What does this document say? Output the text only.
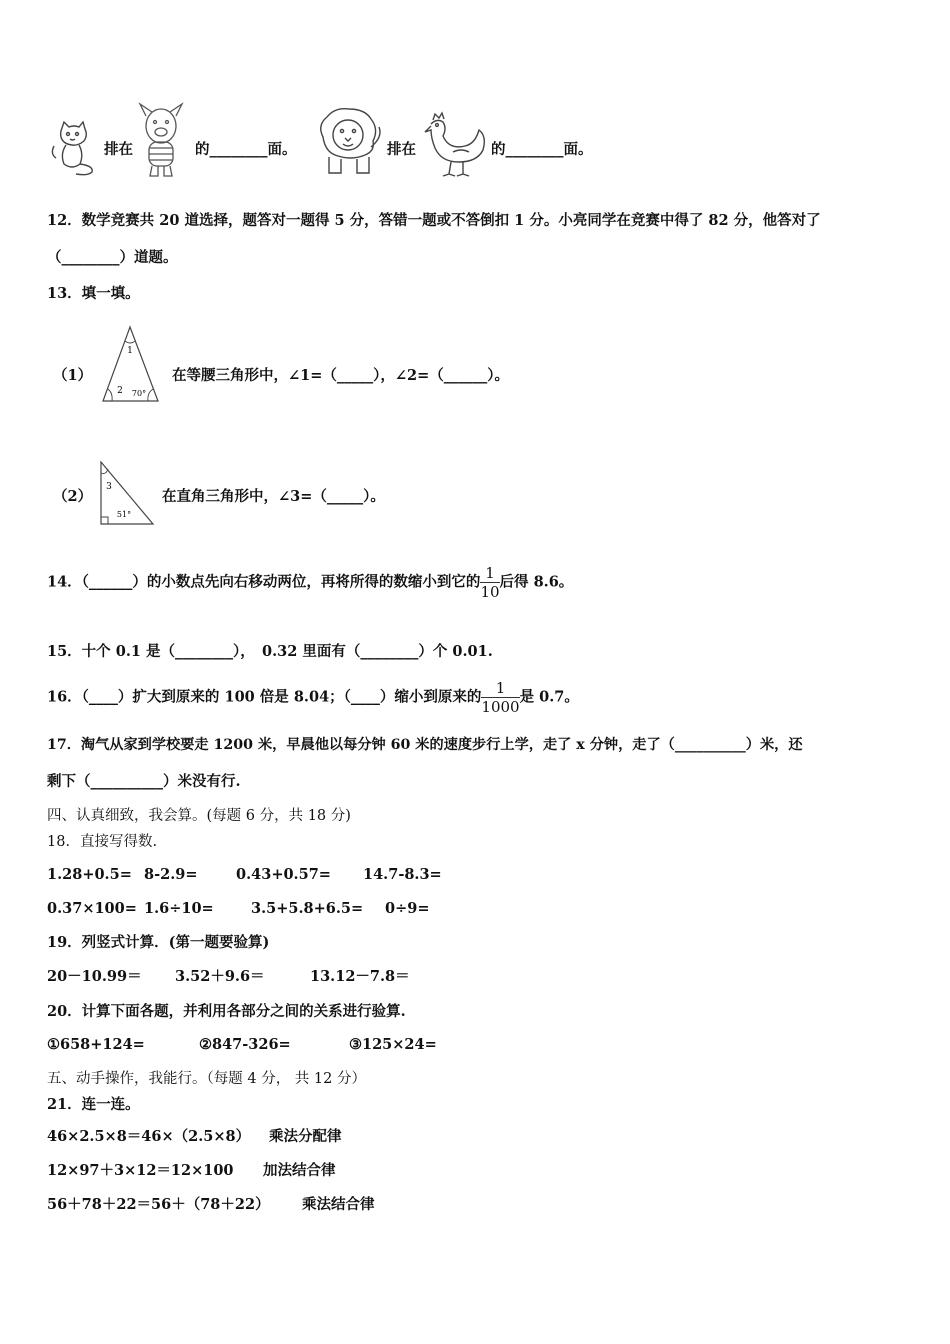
排在	的________面。	排在	的________面。
12．数学竞赛共 20 道选择，题答对一题得 5 分，答错一题或不答倒扣 1 分。小亮同学在竞赛中得了 82 分，他答对了
（________）道题。
13．填一填。
（1）
1
2 70°
在等腰三角形中，∠1=（_____），∠2=（______）。
（2）
3
51°
在直角三角形中，∠3=（_____）。
14．（______）的小数点先向右移动两位，再将所得的数缩小到它的 $\frac{1}{10}$ 后得 8.6。
15．十个 0.1 是（________），　0.32 里面有（________）个 0.01.
16．（____）扩大到原来的 100 倍是 8.04；（____）缩小到原来的 $\frac{1}{1000}$ 是 0.7。
17．淘气从家到学校要走 1200 米，早晨他以每分钟 60 米的速度步行上学，走了 x 分钟，走了（__________）米，还
剩下（__________）米没有行.
四、认真细致，我会算。(每题 6 分，共 18 分)
18．直接写得数.
1.28+0.5= 8-2.9=	0.43+0.57= 14.7-8.3=
0.37×100= 1.6÷10=	3.5+5.8+6.5= 0÷9=
19．列竖式计算．(第一题要验算)
20－10.99＝ 3.52＋9.6＝	13.12－7.8＝
20．计算下面各题，并利用各部分之间的关系进行验算.
①658+124=	②847-326=	③125×24=
五、动手操作，我能行。（每题 4 分， 共 12 分）
21．连一连。
46×2.5×8＝46×（2.5×8） 乘法分配律
12×97＋3×12＝12×100 加法结合律
56＋78＋22＝56＋（78＋22） 乘法结合律
